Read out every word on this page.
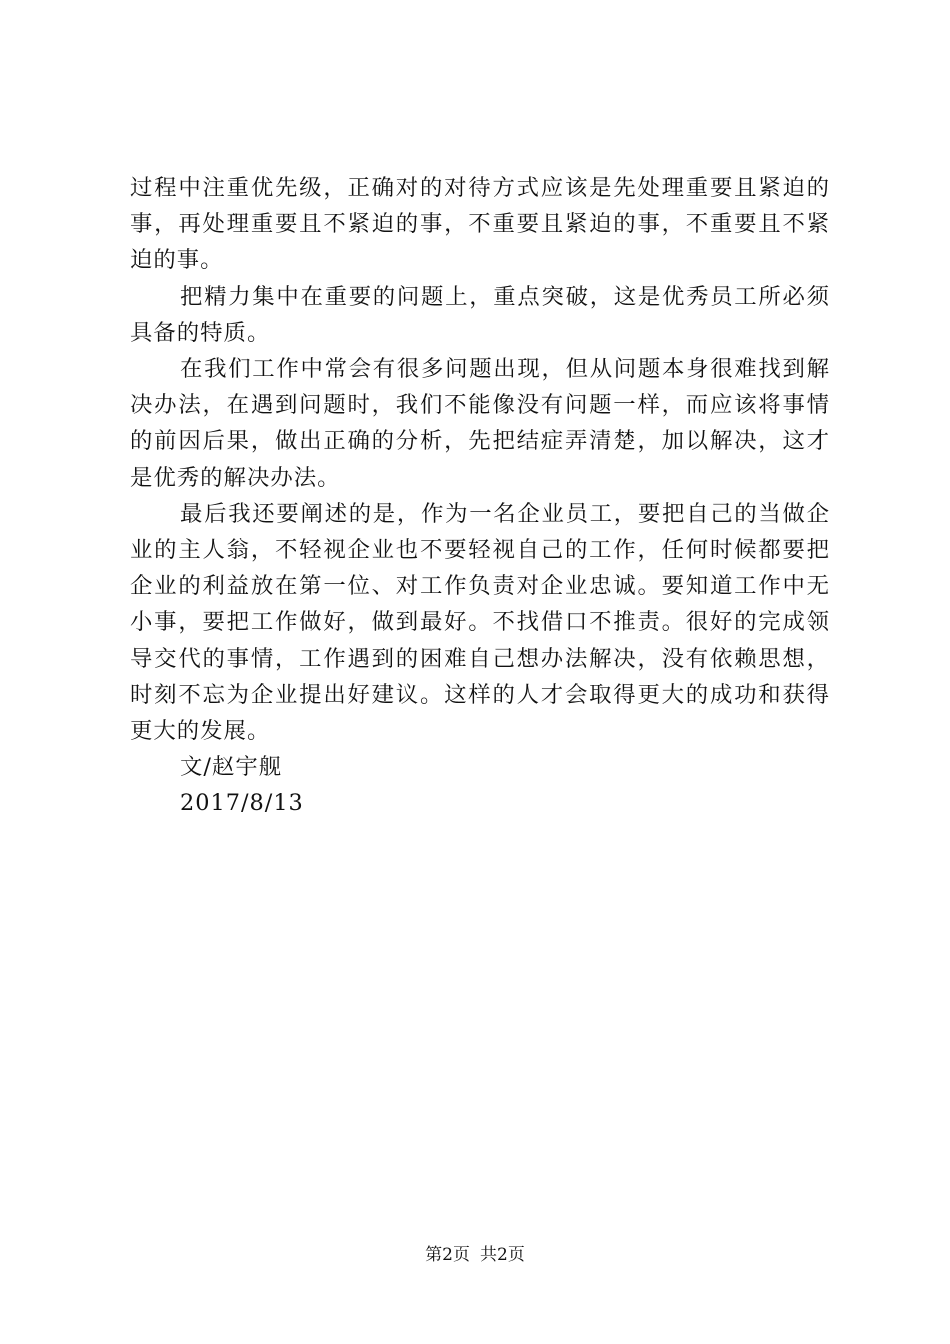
过程中注重优先级，正确对的对待方式应该是先处理重要且紧迫的事，再处理重要且不紧迫的事，不重要且紧迫的事，不重要且不紧迫的事。

把精力集中在重要的问题上，重点突破，这是优秀员工所必须具备的特质。

在我们工作中常会有很多问题出现，但从问题本身很难找到解决办法，在遇到问题时，我们不能像没有问题一样，而应该将事情的前因后果，做出正确的分析，先把结症弄清楚，加以解决，这才是优秀的解决办法。

最后我还要阐述的是，作为一名企业员工，要把自己的当做企业的主人翁，不轻视企业也不要轻视自己的工作，任何时候都要把企业的利益放在第一位、对工作负责对企业忠诚。要知道工作中无小事，要把工作做好，做到最好。不找借口不推责。很好的完成领导交代的事情，工作遇到的困难自己想办法解决，没有依赖思想，时刻不忘为企业提出好建议。这样的人才会取得更大的成功和获得更大的发展。

文/赵宇舰

2017/8/13

第2页 共2页
